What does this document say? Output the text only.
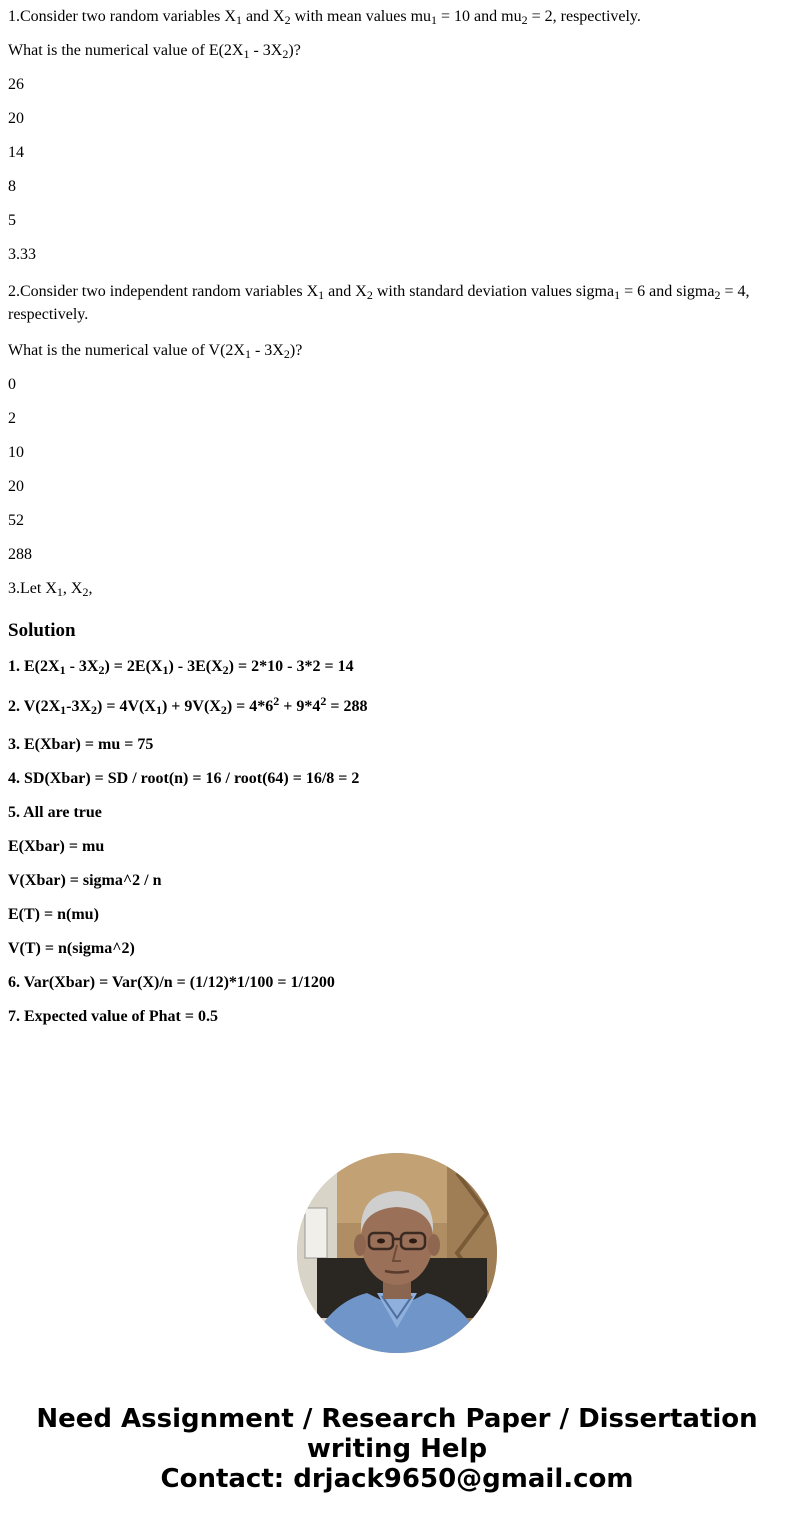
1.Consider two random variables $X_1$ and $X_2$ with mean values $mu_1 = 10$ and $mu_2 = 2$, respectively.

What is the numerical value of $E(2X_1 - 3X_2)$?

26

20

14

8

5

3.33

2.Consider two independent random variables $X_1$ and $X_2$ with standard deviation values sigma$_1$ = 6 and sigma$_2$ = 4, respectively.

What is the numerical value of $V(2X_1 - 3X_2)$?

0

2

10

20

52

288

3.Let $X_1$, $X_2$,

Solution

1. $E(2X_1 - 3X_2) = 2E(X_1) - 3E(X_2) = 2*10 - 3*2 = 14$

2. $V(2X_1-3X_2) = 4V(X_1) + 9V(X_2) = 4*6^2 + 9*4^2 = 288$

3. E(Xbar) = mu = 75

4. SD(Xbar) = SD / root(n) = 16 / root(64) = 16/8 = 2

5. All are true

E(Xbar) = mu

V(Xbar) = sigma^2 / n

E(T) = n(mu)

V(T) = n(sigma^2)

6. Var(Xbar) = Var(X)/n = (1/12)*1/100 = 1/1200

7. Expected value of Phat = 0.5

Need Assignment / Research Paper / Dissertation
writing Help
Contact: drjack9650@gmail.com
